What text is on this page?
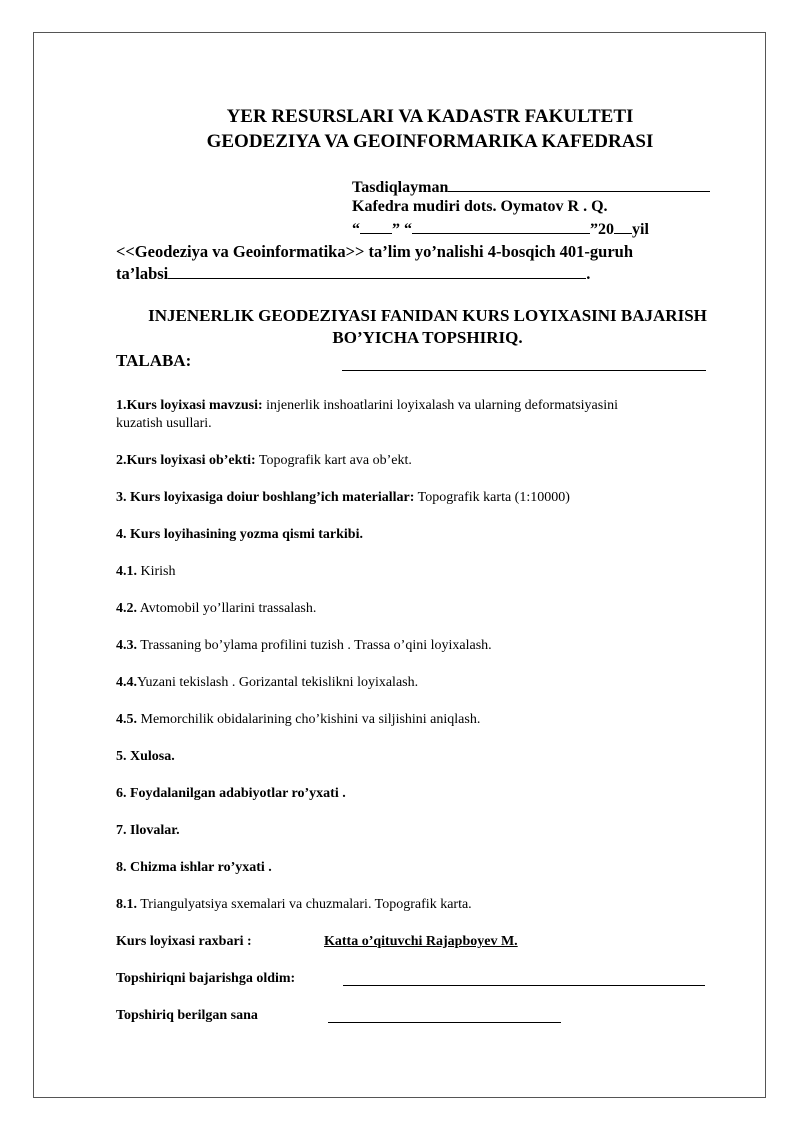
YER RESURSLARI VA KADASTR FAKULTETI
GEODEZIYA VA GEOINFORMARIKA KAFEDRASI
Tasdiqlayman
Kafedra mudiri dots. Oymatov R . Q.
“ ” “	”20 yil
<<Geodeziya va Geoinformatika>> ta’lim yo’nalishi 4-bosqich 401-guruh
ta’labsi	.
INJENERLIK GEODEZIYASI FANIDAN KURS LOYIXASINI BAJARISH
BO’YICHA TOPSHIRIQ.
TALABA:
1.Kurs loyixasi mavzusi: injenerlik inshoatlarini loyixalash va ularning deformatsiyasini
kuzatish usullari.
2.Kurs loyixasi ob’ekti: Topografik kart ava ob’ekt.
3. Kurs loyixasiga doiur boshlang’ich materiallar: Topografik karta (1:10000)
4. Kurs loyihasining yozma qismi tarkibi.
4.1. Kirish
4.2. Avtomobil yo’llarini trassalash.
4.3. Trassaning bo’ylama profilini tuzish . Trassa o’qini loyixalash.
4.4.Yuzani tekislash . Gorizantal tekislikni loyixalash.
4.5. Memorchilik obidalarining cho’kishini va siljishini aniqlash.
5. Xulosa.
6. Foydalanilgan adabiyotlar ro’yxati .
7. Ilovalar.
8. Chizma ishlar ro’yxati .
8.1. Triangulyatsiya sxemalari va chuzmalari. Topografik karta.
Kurs loyixasi raxbari :	Katta o’qituvchi Rajapboyev M.
Topshiriqni bajarishga oldim:
Topshiriq berilgan sana
